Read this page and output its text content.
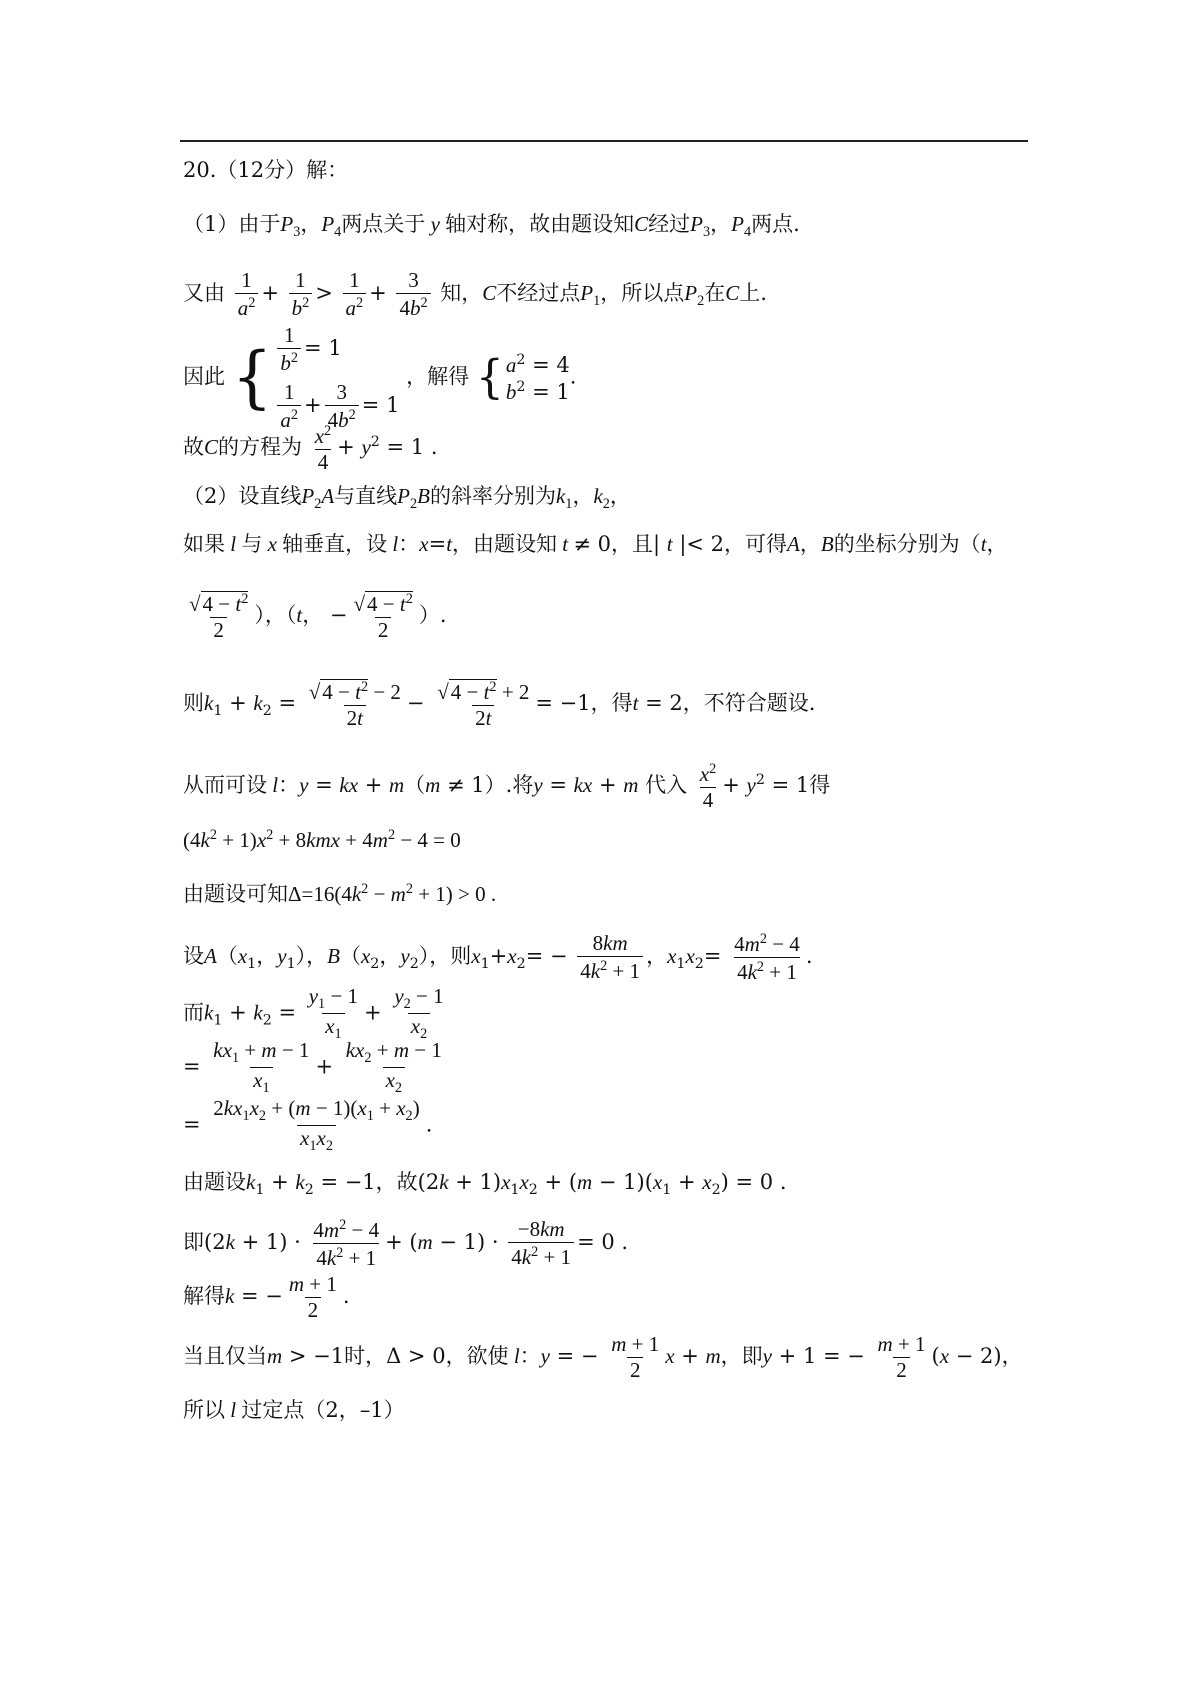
20.（12分）解：
（1）由于$P_3$，$P_4$两点关于 y 轴对称，故由题设知C经过$P_3$，$P_4$两点.
又由 $\frac{1}{a^2} + \frac{1}{b^2} > \frac{1}{a^2} + \frac{3}{4b^2}$ 知，C不经过点$P_1$，所以点$P_2$在C上.
因此 { $\frac{1}{b^2} = 1$
$\frac{1}{a^2} + \frac{3}{4b^2} = 1$
，解得 { $a^2 = 4$
$b^2 = 1$
.
故C的方程为 $\frac{x^2}{4} + y^2 = 1$ .
（2）设直线$P_2A$与直线$P_2B$的斜率分别为$k_1$，$k_2$，
如果 l 与 x 轴垂直，设 l：x=t，由题设知 t ≠ 0，且| t |< 2，可得A，B的坐标分别为（t，
$\frac{√4 - t^2}{2}$ ），（t， − $\frac{√4 - t^2}{2}$ ）.
则$k_1 + k_2 = \frac{√4 - t^2 - 2}{2t} - \frac{√4 - t^2 + 2}{2t} = -1$，得t = 2，不符合题设.
从而可设 l：y = kx + m（m ≠ 1）.将y = kx + m 代入 $\frac{x^2}{4} + y^2 = 1$得
$(4k^2 + 1)x^2 + 8kmx + 4m^2 - 4 = 0$
由题设可知$\Delta=16(4k^2 - m^2 + 1) > 0$ .
设$A(x_1$，$y_1$），$B(x_2$，$y_2$），则$x_1+x_2= - \frac{8km}{4k^2 + 1}$ ，$x_1x_2= \frac{4m^2 - 4}{4k^2 + 1}$ .
而$k_1 + k_2 = \frac{y_1 - 1}{x_1} + \frac{y_2 - 1}{x_2}$
= $\frac{kx_1 + m - 1}{x_1} + \frac{kx_2 + m - 1}{x_2}$
= $\frac{2kx_1x_2 + (m - 1)(x_1 + x_2)}{x_1x_2}$ .
由题设$k_1 + k_2 = -1$，故$(2k + 1)x_1x_2 + (m - 1)(x_1 + x_2) = 0$ .
即$(2k + 1) \cdot \frac{4m^2 - 4}{4k^2 + 1} + (m - 1) \cdot \frac{-8km}{4k^2 + 1} = 0$ .
解得k = − $\frac{m + 1}{2}$ .
当且仅当m > −1时，Δ > 0，欲使 l：y = − $\frac{m + 1}{2}$ x + m，即y + 1 = − $\frac{m + 1}{2} (x - 2)$，
所以 l 过定点（2，–1）
